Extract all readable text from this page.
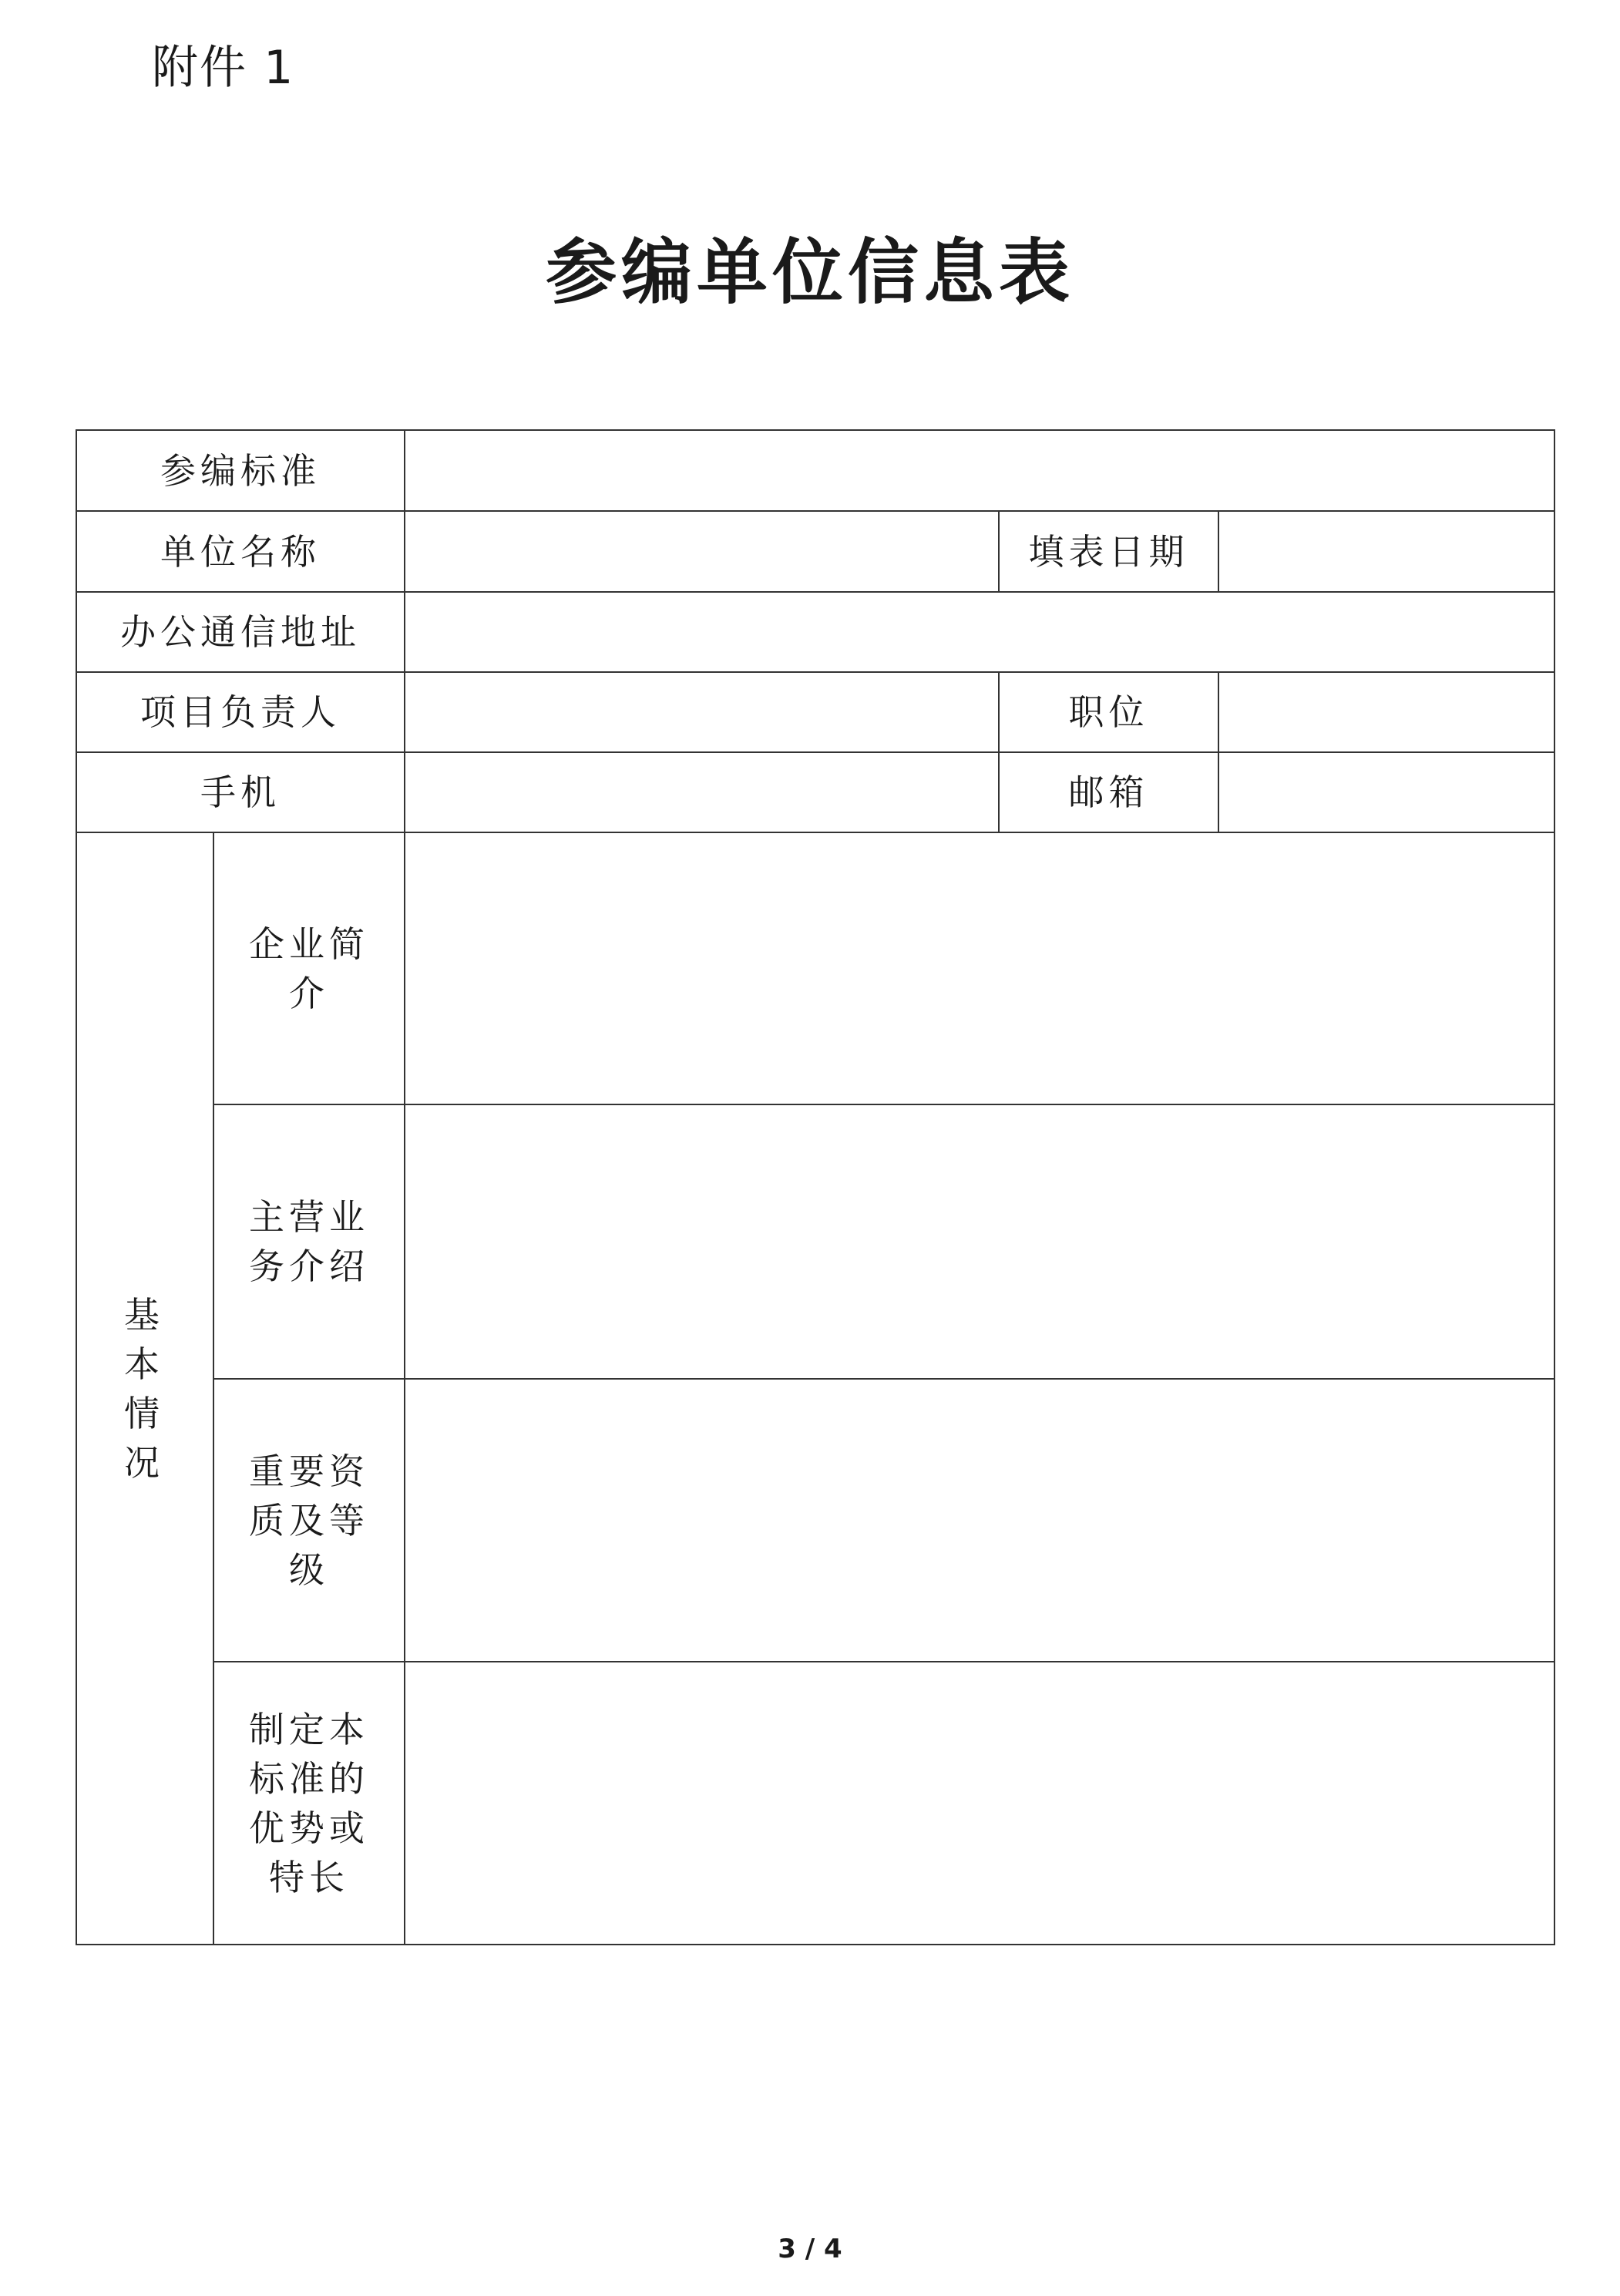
附件 1
参编单位信息表
参编标准				
单位名称			填表日期	
办公通信地址				
项目负责人			职位	
手机			邮箱	

基本情况	企业简介			

	主营业务介绍			

	重要资质及等级			

	制定本标准的优势或特长			

3 / 4
